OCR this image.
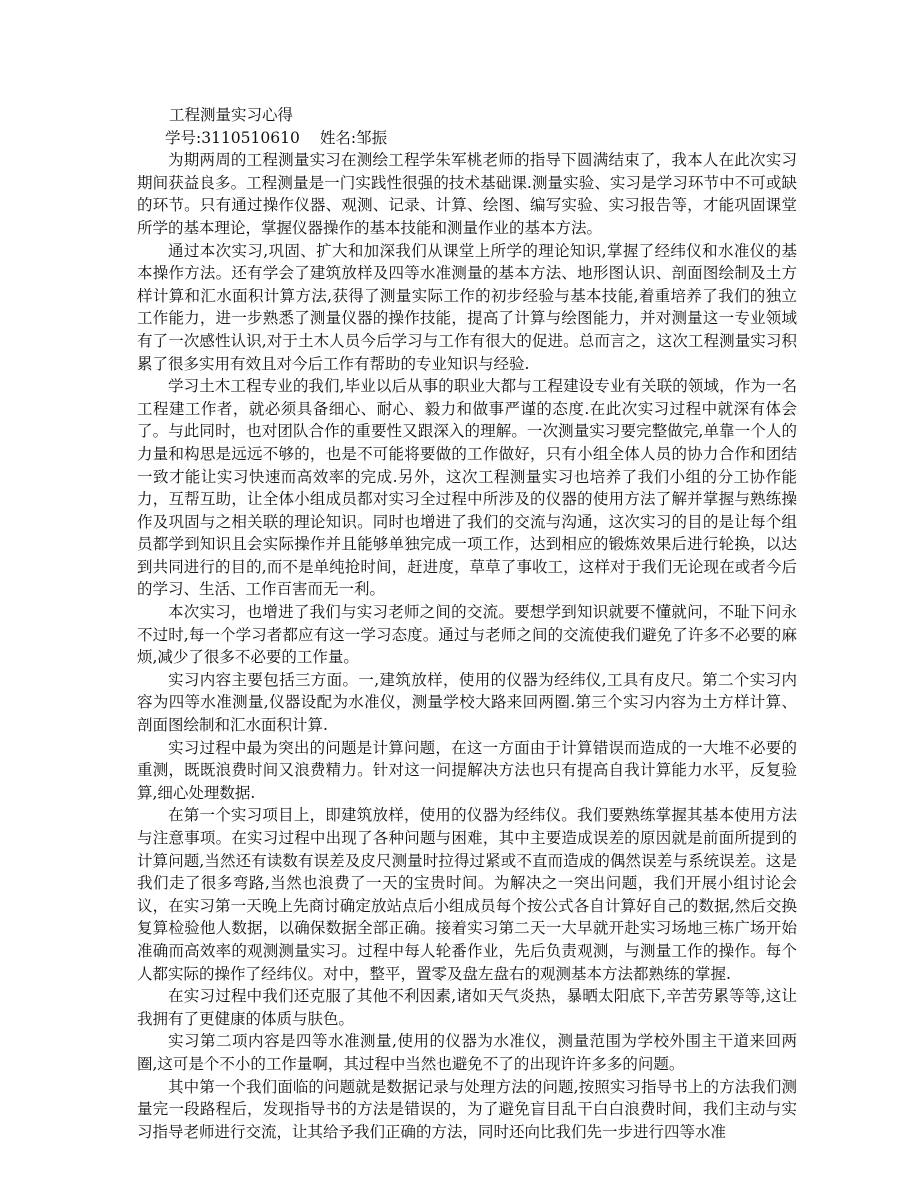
工程测量实习心得

学号:3110510610 姓名:邹振

为期两周的工程测量实习在测绘工程学朱军桃老师的指导下圆满结束了，我本人在此次实习期间获益良多。工程测量是一门实践性很强的技术基础课.测量实验、实习是学习环节中不可或缺的环节。只有通过操作仪器、观测、记录、计算、绘图、编写实验、实习报告等，才能巩固课堂所学的基本理论，掌握仪器操作的基本技能和测量作业的基本方法。

通过本次实习,巩固、扩大和加深我们从课堂上所学的理论知识,掌握了经纬仪和水准仪的基本操作方法。还有学会了建筑放样及四等水准测量的基本方法、地形图认识、剖面图绘制及土方样计算和汇水面积计算方法,获得了测量实际工作的初步经验与基本技能,着重培养了我们的独立工作能力，进一步熟悉了测量仪器的操作技能，提高了计算与绘图能力，并对测量这一专业领域有了一次感性认识,对于土木人员今后学习与工作有很大的促进。总而言之，这次工程测量实习积累了很多实用有效且对今后工作有帮助的专业知识与经验.

学习土木工程专业的我们,毕业以后从事的职业大都与工程建设专业有关联的领域，作为一名工程建工作者，就必须具备细心、耐心、毅力和做事严谨的态度.在此次实习过程中就深有体会了。与此同时，也对团队合作的重要性又跟深入的理解。一次测量实习要完整做完,单靠一个人的力量和构思是远远不够的，也是不可能将要做的工作做好，只有小组全体人员的协力合作和团结一致才能让实习快速而高效率的完成.另外，这次工程测量实习也培养了我们小组的分工协作能力，互帮互助，让全体小组成员都对实习全过程中所涉及的仪器的使用方法了解并掌握与熟练操作及巩固与之相关联的理论知识。同时也增进了我们的交流与沟通，这次实习的目的是让每个组员都学到知识且会实际操作并且能够单独完成一项工作，达到相应的锻炼效果后进行轮换，以达到共同进行的目的,而不是单纯抢时间，赶进度，草草了事收工，这样对于我们无论现在或者今后的学习、生活、工作百害而无一利。

本次实习，也增进了我们与实习老师之间的交流。要想学到知识就要不懂就问，不耻下问永不过时,每一个学习者都应有这一学习态度。通过与老师之间的交流使我们避免了许多不必要的麻烦,减少了很多不必要的工作量。

实习内容主要包括三方面。一,建筑放样，使用的仪器为经纬仪,工具有皮尺。第二个实习内容为四等水准测量,仪器设配为水准仪，测量学校大路来回两圈.第三个实习内容为土方样计算、剖面图绘制和汇水面积计算.

实习过程中最为突出的问题是计算问题，在这一方面由于计算错误而造成的一大堆不必要的重测，既既浪费时间又浪费精力。针对这一问提解决方法也只有提高自我计算能力水平，反复验算,细心处理数据.

在第一个实习项目上，即建筑放样，使用的仪器为经纬仪。我们要熟练掌握其基本使用方法与注意事项。在实习过程中出现了各种问题与困难，其中主要造成误差的原因就是前面所提到的计算问题,当然还有读数有误差及皮尺测量时拉得过紧或不直而造成的偶然误差与系统误差。这是我们走了很多弯路,当然也浪费了一天的宝贵时间。为解决之一突出问题，我们开展小组讨论会议，在实习第一天晚上先商讨确定放站点后小组成员每个按公式各自计算好自己的数据,然后交换复算检验他人数据，以确保数据全部正确。接着实习第二天一大早就开赴实习场地三栋广场开始准确而高效率的观测测量实习。过程中每人轮番作业，先后负责观测，与测量工作的操作。每个人都实际的操作了经纬仪。对中，整平，置零及盘左盘右的观测基本方法都熟练的掌握.

在实习过程中我们还克服了其他不利因素,诸如天气炎热，暴晒太阳底下,辛苦劳累等等,这让我拥有了更健康的体质与肤色。

实习第二项内容是四等水准测量,使用的仪器为水准仪，测量范围为学校外围主干道来回两圈,这可是个不小的工作量啊，其过程中当然也避免不了的出现许许多多的问题。

其中第一个我们面临的问题就是数据记录与处理方法的问题,按照实习指导书上的方法我们测量完一段路程后，发现指导书的方法是错误的，为了避免盲目乱干白白浪费时间，我们主动与实习指导老师进行交流，让其给予我们正确的方法，同时还向比我们先一步进行四等水准
